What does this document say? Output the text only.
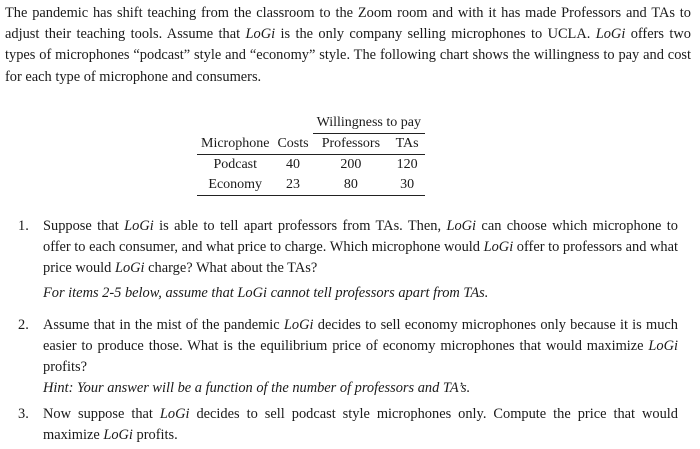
The pandemic has shift teaching from the classroom to the Zoom room and with it has made Professors and TAs to adjust their teaching tools. Assume that LoGi is the only company selling microphones to UCLA. LoGi offers two types of microphones “podcast” style and “economy” style. The following chart shows the willingness to pay and cost for each type of microphone and consumers.
		Willingness to pay	
Microphone	Costs	Professors	TAs
Podcast	40	200	120
Economy	23	80	30
1. Suppose that LoGi is able to tell apart professors from TAs. Then, LoGi can choose which microphone to offer to each consumer, and what price to charge. Which microphone would LoGi offer to professors and what price would LoGi charge? What about the TAs?
For items 2-5 below, assume that LoGi cannot tell professors apart from TAs.
2. Assume that in the mist of the pandemic LoGi decides to sell economy microphones only because it is much easier to produce those. What is the equilibrium price of economy microphones that would maximize LoGi profits?
Hint: Your answer will be a function of the number of professors and TA’s.
3. Now suppose that LoGi decides to sell podcast style microphones only. Compute the price that would maximize LoGi profits.
